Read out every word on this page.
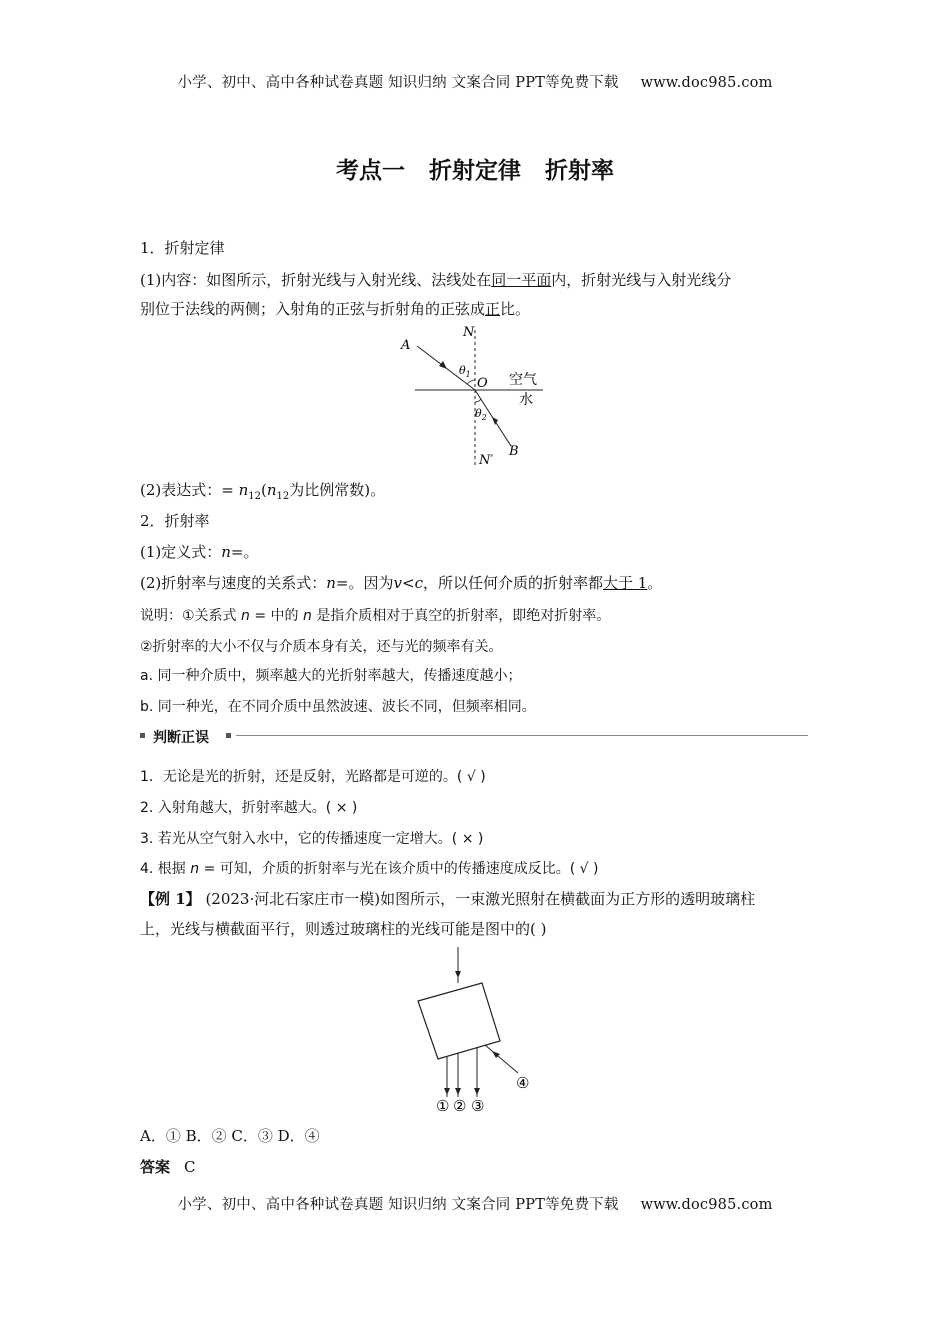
小学、初中、高中各种试卷真题 知识归纳 文案合同 PPT等免费下载 www.doc985.com
考点一 折射定律 折射率
1．折射定律
(1)内容：如图所示，折射光线与入射光线、法线处在同一平面内，折射光线与入射光线分
别位于法线的两侧；入射角的正弦与折射角的正弦成正比。
N
A
$\theta_1$
O 空气
水
$\theta_2$
B
N′
(2)表达式：= $n_{12}(n_{12}$为比例常数)。
2．折射率
(1)定义式：n=。
(2)折射率与速度的关系式：n=。因为v<c，所以任何介质的折射率都大于 1。
说明：①关系式 n = 中的 n 是指介质相对于真空的折射率，即绝对折射率。
②折射率的大小不仅与介质本身有关，还与光的频率有关。
a. 同一种介质中，频率越大的光折射率越大，传播速度越小；
b. 同一种光，在不同介质中虽然波速、波长不同，但频率相同。
判断正误
1．无论是光的折射，还是反射，光路都是可逆的。( √ )
2. 入射角越大，折射率越大。( × )
3. 若光从空气射入水中，它的传播速度一定增大。( × )
4. 根据 n = 可知，介质的折射率与光在该介质中的传播速度成反比。( √ )
【例 1】 (2023·河北石家庄市一模)如图所示，一束激光照射在横截面为正方形的透明玻璃柱
上，光线与横截面平行，则透过玻璃柱的光线可能是图中的( )
① ② ③
④
A．① B．② C．③ D．④
答案 C
小学、初中、高中各种试卷真题 知识归纳 文案合同 PPT等免费下载 www.doc985.com
